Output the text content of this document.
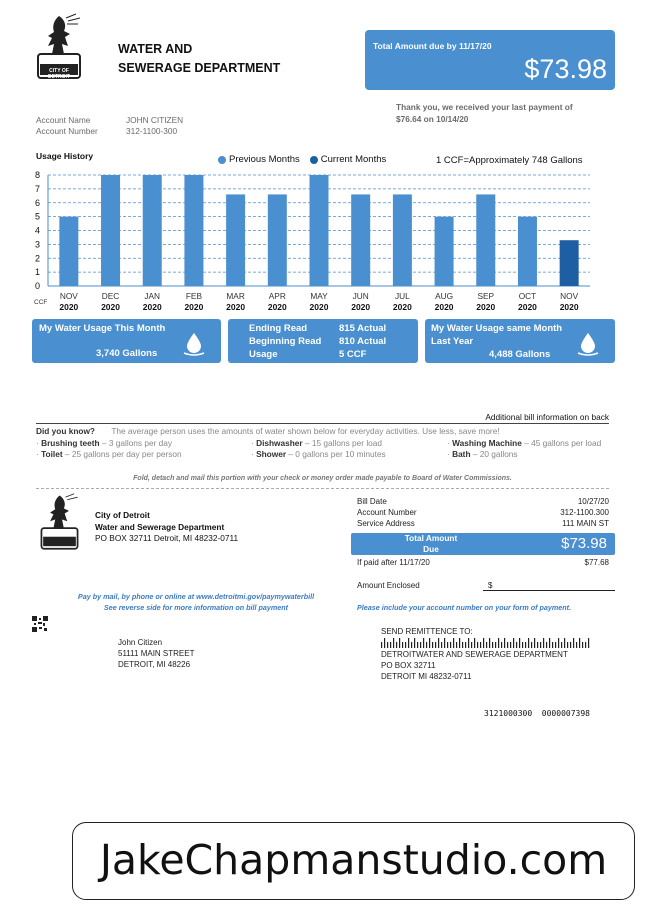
CITY OF DETROIT
WATER AND
SEWERAGE DEPARTMENT
Total Amount due by 11/17/20
$73.98
Thank you, we received your last payment of
$76.64 on 10/14/20
Account Name	JOHN CITIZEN
Account Number	312-1100-300
Usage History	Previous Months Current Months	1 CCF=Approximately 748 Gallons
0
1
2
3
4
5
6
7
8
NOV
2020
DEC
2020
JAN
2020
FEB
2020
MAR
2020
APR
2020
MAY
2020
JUN
2020
JUL
2020
AUG
2020
SEP
2020
OCT
2020
NOV
2020
CCF
My Water Usage This Month
3,740 Gallons
Ending Read	815 Actual
Beginning Read	810 Actual
Usage	5 CCF
My Water Usage same Month
Last Year
4,488 Gallons
Additional bill information on back
Did you know? The average person uses the amounts of water shown below for everyday activities. Use less, save more!
· Brushing teeth – 3 gallons per day	· Dishwasher – 15 gallons per load	· Washing Machine – 45 gallons per load
· Toilet – 25 gallons per day per person	· Shower – 0 gallons per 10 minutes	· Bath – 20 gallons
Fold, detach and mail this portion with your check or money order made payable to Board of Water Commissions.
City of Detroit
Water and Sewerage Department
PO BOX 32711 Detroit, MI 48232-0711
Bill Date	10/27/20
Account Number	312-1100.300
Service Address	111 MAIN ST
Total Amount
Due	$73.98
If paid after 11/17/20	$77.68
Amount Enclosed	$
Pay by mail, by phone or online at www.detroitmi.gov/paymywaterbill
See reverse side for more information on bill payment	Please include your account number on your form of payment.
John Citizen
51111 MAIN STREET
DETROIT, MI 48226
SEND REMITTENCE TO:
DETROITWATER AND SEWERAGE DEPARTMENT
PO BOX 32711
DETROIT MI 48232-0711
3121000300  0000007398
JakeChapmanstudio.com
